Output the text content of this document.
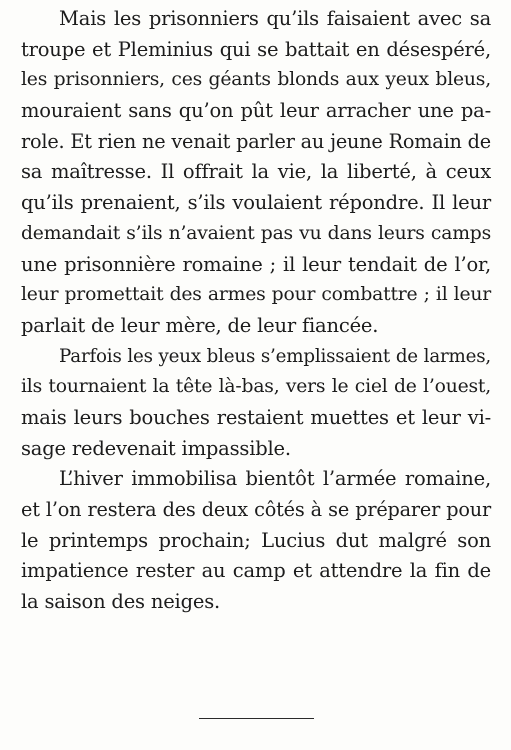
Mais les prisonniers qu’ils faisaient avec sa
troupe et Pleminius qui se battait en désespéré,
les prisonniers, ces géants blonds aux yeux bleus,
mouraient sans qu’on pût leur arracher une pa-
role. Et rien ne venait parler au jeune Romain de
sa maîtresse. Il offrait la vie, la liberté, à ceux
qu’ils prenaient, s’ils voulaient répondre. Il leur
demandait s’ils n’avaient pas vu dans leurs camps
une prisonnière romaine ; il leur tendait de l’or,
leur promettait des armes pour combattre ; il leur
parlait de leur mère, de leur fiancée.
Parfois les yeux bleus s’emplissaient de larmes,
ils tournaient la tête là-bas, vers le ciel de l’ouest,
mais leurs bouches restaient muettes et leur vi-
sage redevenait impassible.
L’hiver immobilisa bientôt l’armée romaine,
et l’on restera des deux côtés à se préparer pour
le printemps prochain; Lucius dut malgré son
impatience rester au camp et attendre la fin de
la saison des neiges.
